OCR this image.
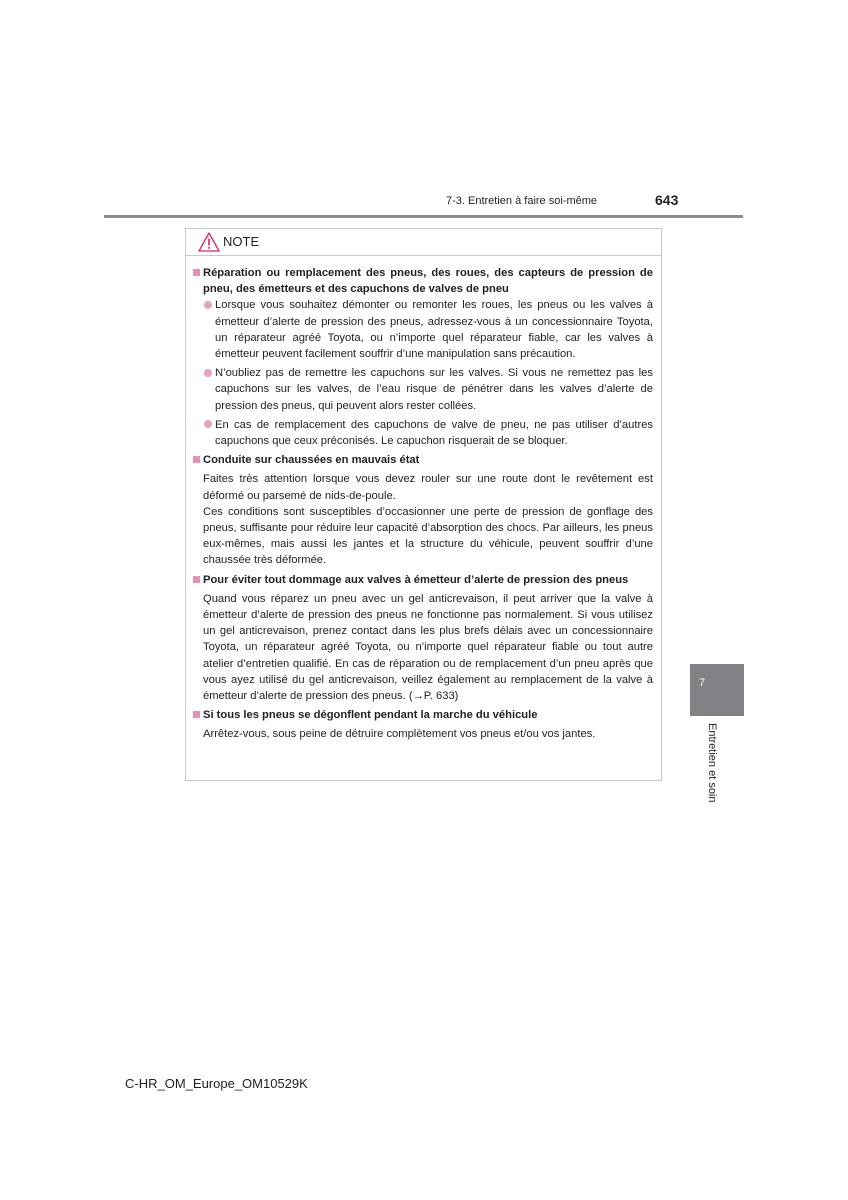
7-3. Entretien à faire soi-même	643
NOTE
Réparation ou remplacement des pneus, des roues, des capteurs de pression de pneu, des émetteurs et des capuchons de valves de pneu
Lorsque vous souhaitez démonter ou remonter les roues, les pneus ou les valves à émetteur d’alerte de pression des pneus, adressez-vous à un concessionnaire Toyota, un réparateur agréé Toyota, ou n’importe quel réparateur fiable, car les valves à émetteur peuvent facilement souffrir d’une manipulation sans précaution.
N’oubliez pas de remettre les capuchons sur les valves. Si vous ne remettez pas les capuchons sur les valves, de l’eau risque de pénétrer dans les valves d’alerte de pression des pneus, qui peuvent alors rester collées.
En cas de remplacement des capuchons de valve de pneu, ne pas utiliser d’autres capuchons que ceux préconisés. Le capuchon risquerait de se bloquer.
Conduite sur chaussées en mauvais état
Faites très attention lorsque vous devez rouler sur une route dont le revêtement est déformé ou parsemé de nids-de-poule.
Ces conditions sont susceptibles d’occasionner une perte de pression de gonflage des pneus, suffisante pour réduire leur capacité d’absorption des chocs. Par ailleurs, les pneus eux-mêmes, mais aussi les jantes et la structure du véhicule, peuvent souffrir d’une chaussée très déformée.
Pour éviter tout dommage aux valves à émetteur d’alerte de pression des pneus
Quand vous réparez un pneu avec un gel anticrevaison, il peut arriver que la valve à émetteur d’alerte de pression des pneus ne fonctionne pas normalement. Si vous utilisez un gel anticrevaison, prenez contact dans les plus brefs délais avec un concessionnaire Toyota, un réparateur agréé Toyota, ou n’importe quel réparateur fiable ou tout autre atelier d’entretien qualifié. En cas de réparation ou de remplacement d’un pneu après que vous ayez utilisé du gel anticrevaison, veillez également au remplacement de la valve à émetteur d’alerte de pression des pneus. (→P. 633)
Si tous les pneus se dégonflent pendant la marche du véhicule
Arrêtez-vous, sous peine de détruire complètement vos pneus et/ou vos jantes.
7
Entretien et soin
C-HR_OM_Europe_OM10529K
